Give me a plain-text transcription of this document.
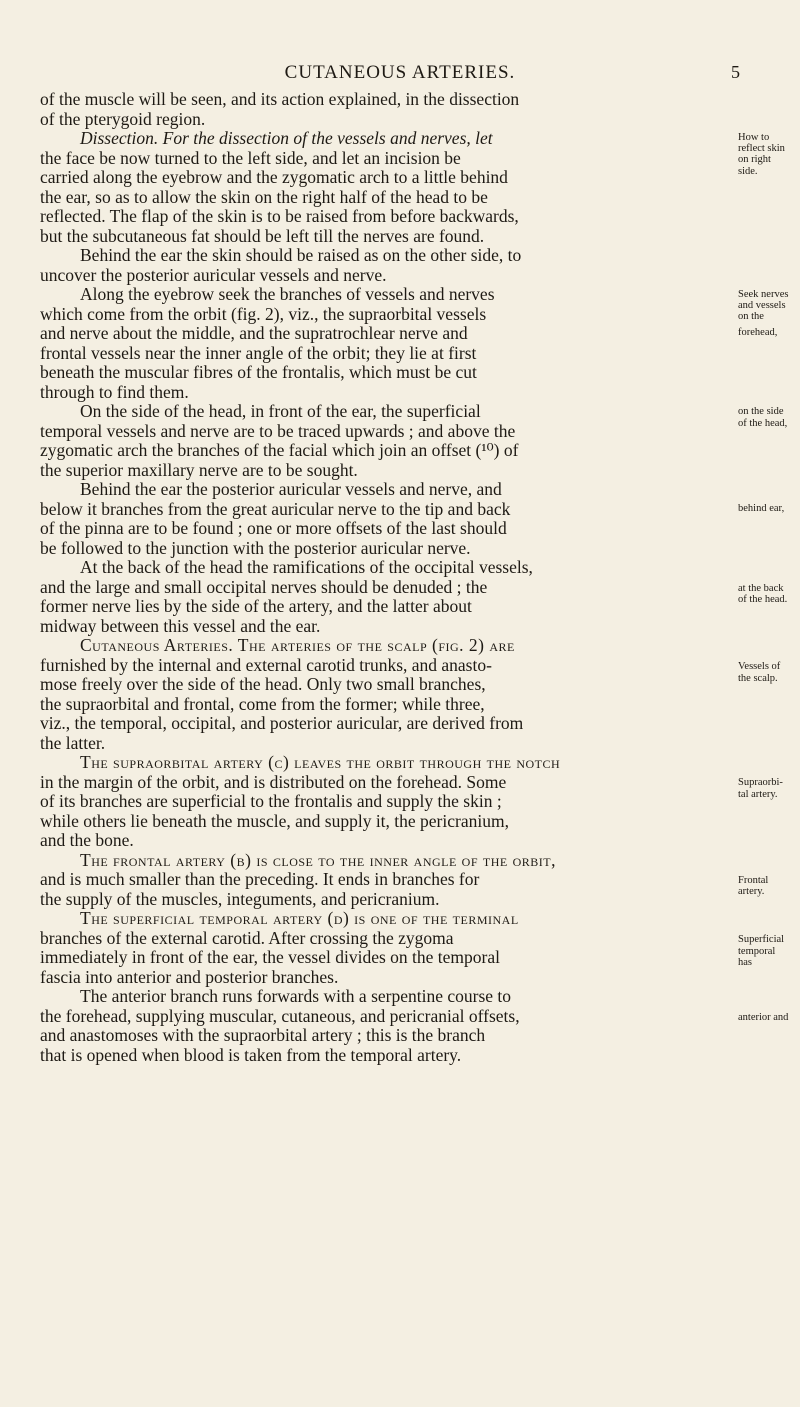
CUTANEOUS ARTERIES.	5
of the muscle will be seen, and its action explained, in the dissection
of the pterygoid region.
Dissection. For the dissection of the vessels and nerves, let
the face be now turned to the left side, and let an incision be
carried along the eyebrow and the zygomatic arch to a little behind
the ear, so as to allow the skin on the right half of the head to be
reflected. The flap of the skin is to be raised from before backwards,
but the subcutaneous fat should be left till the nerves are found.
Behind the ear the skin should be raised as on the other side, to
uncover the posterior auricular vessels and nerve.
Along the eyebrow seek the branches of vessels and nerves
which come from the orbit (fig. 2), viz., the supraorbital vessels
and nerve about the middle, and the supratrochlear nerve and
frontal vessels near the inner angle of the orbit; they lie at first
beneath the muscular fibres of the frontalis, which must be cut
through to find them.
On the side of the head, in front of the ear, the superficial
temporal vessels and nerve are to be traced upwards ; and above the
zygomatic arch the branches of the facial which join an offset (¹⁰) of
the superior maxillary nerve are to be sought.
Behind the ear the posterior auricular vessels and nerve, and
below it branches from the great auricular nerve to the tip and back
of the pinna are to be found ; one or more offsets of the last should
be followed to the junction with the posterior auricular nerve.
At the back of the head the ramifications of the occipital vessels,
and the large and small occipital nerves should be denuded ; the
former nerve lies by the side of the artery, and the latter about
midway between this vessel and the ear.
Cutaneous Arteries. The arteries of the scalp (fig. 2) are
furnished by the internal and external carotid trunks, and anasto-
mose freely over the side of the head. Only two small branches,
the supraorbital and frontal, come from the former; while three,
viz., the temporal, occipital, and posterior auricular, are derived from
the latter.
The supraorbital artery (c) leaves the orbit through the notch
in the margin of the orbit, and is distributed on the forehead. Some
of its branches are superficial to the frontalis and supply the skin ;
while others lie beneath the muscle, and supply it, the pericranium,
and the bone.
The frontal artery (b) is close to the inner angle of the orbit,
and is much smaller than the preceding. It ends in branches for
the supply of the muscles, integuments, and pericranium.
The superficial temporal artery (d) is one of the terminal
branches of the external carotid. After crossing the zygoma
immediately in front of the ear, the vessel divides on the temporal
fascia into anterior and posterior branches.
The anterior branch runs forwards with a serpentine course to
the forehead, supplying muscular, cutaneous, and pericranial offsets,
and anastomoses with the supraorbital artery ; this is the branch
that is opened when blood is taken from the temporal artery.
How to
reflect skin
on right
side.
Seek nerves
and vessels
on the
forehead,
on the side
of the head,
behind ear,
at the back
of the head.
Vessels of
the scalp.
Supraorbi-
tal artery.
Frontal
artery.
Superficial
temporal
has
anterior and
